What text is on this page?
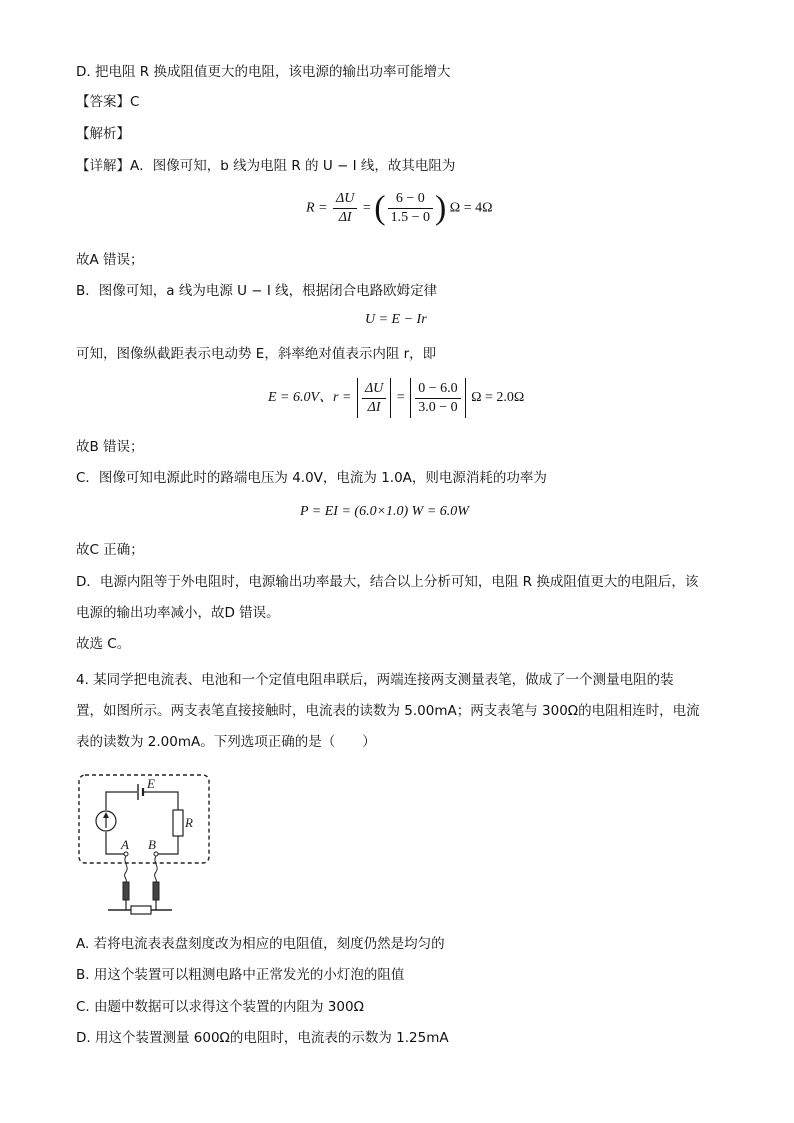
D. 把电阻 R 换成阻值更大的电阻，该电源的输出功率可能增大
【答案】C
【解析】
【详解】A．图像可知，b 线为电阻 R 的 U − I 线，故其电阻为
$R = \frac{\Delta U}{\Delta I}$ = ( $\frac{6 - 0}{1.5 - 0}$ ) Ω = 4Ω
故A 错误；
B．图像可知，a 线为电源 U − I 线，根据闭合电路欧姆定律
U = E − Ir
可知，图像纵截距表示电动势 E，斜率绝对值表示内阻 r，即
E = 6.0V、$r = \frac{\Delta U}{\Delta I} = \frac{0 - 6.0}{3.0 - 0}$ Ω = 2.0Ω
故B 错误；
C．图像可知电源此时的路端电压为 4.0V，电流为 1.0A，则电源消耗的功率为
P = EI = (6.0×1.0) W = 6.0W
故C 正确；
D．电源内阻等于外电阻时，电源输出功率最大，结合以上分析可知，电阻 R 换成阻值更大的电阻后，该
电源的输出功率减小，故D 错误。
故选 C。
4. 某同学把电流表、电池和一个定值电阻串联后，两端连接两支测量表笔，做成了一个测量电阻的装
置，如图所示。两支表笔直接接触时，电流表的读数为 5.00mA；两支表笔与 300Ω的电阻相连时，电流
表的读数为 2.00mA。下列选项正确的是（　　）
E
R
A B
A. 若将电流表表盘刻度改为相应的电阻值，刻度仍然是均匀的
B. 用这个装置可以粗测电路中正常发光的小灯泡的阻值
C. 由题中数据可以求得这个装置的内阻为 300Ω
D. 用这个装置测量 600Ω的电阻时，电流表的示数为 1.25mA
